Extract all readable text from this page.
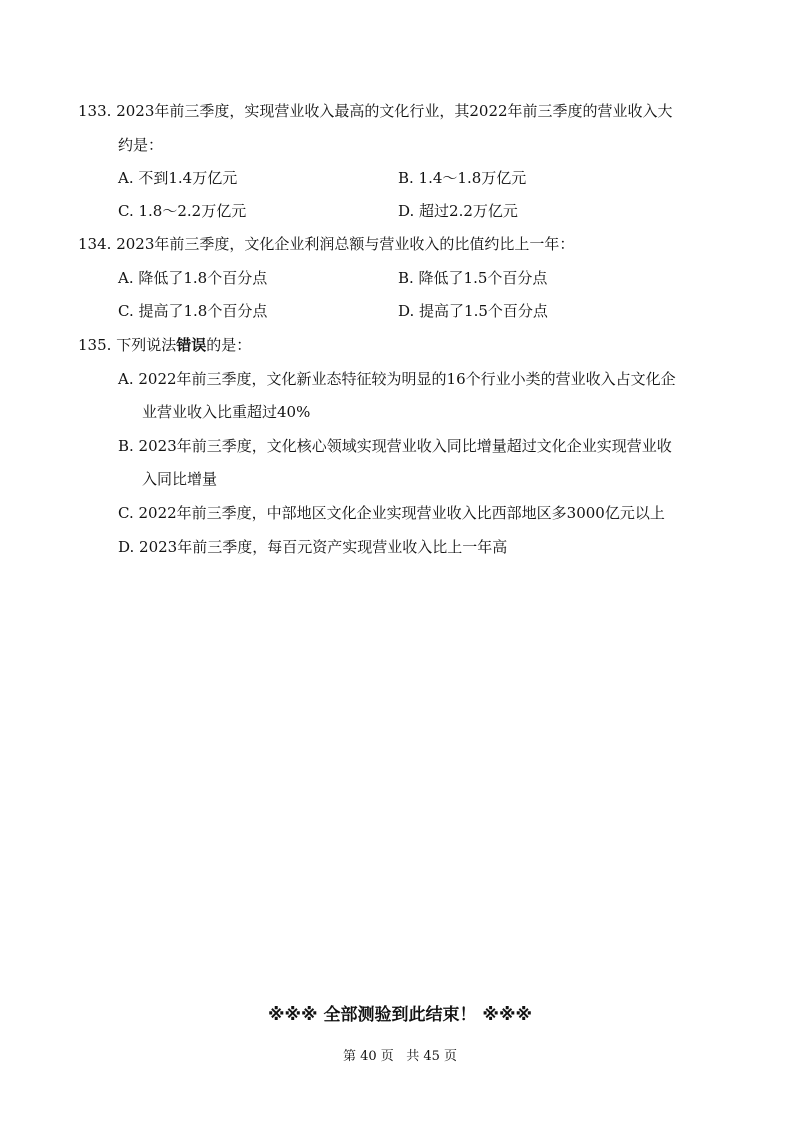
133. 2023年前三季度，实现营业收入最高的文化行业，其2022年前三季度的营业收入大
约是：
A. 不到1.4万亿元	B. 1.4～1.8万亿元
C. 1.8～2.2万亿元	D. 超过2.2万亿元
134. 2023年前三季度，文化企业利润总额与营业收入的比值约比上一年：
A. 降低了1.8个百分点	B. 降低了1.5个百分点
C. 提高了1.8个百分点	D. 提高了1.5个百分点
135. 下列说法错误的是：
A. 2022年前三季度，文化新业态特征较为明显的16个行业小类的营业收入占文化企
业营业收入比重超过40%
B. 2023年前三季度，文化核心领域实现营业收入同比增量超过文化企业实现营业收
入同比增量
C. 2022年前三季度，中部地区文化企业实现营业收入比西部地区多3000亿元以上
D. 2023年前三季度，每百元资产实现营业收入比上一年高
※※※ 全部测验到此结束！ ※※※
第 40 页 共 45 页
